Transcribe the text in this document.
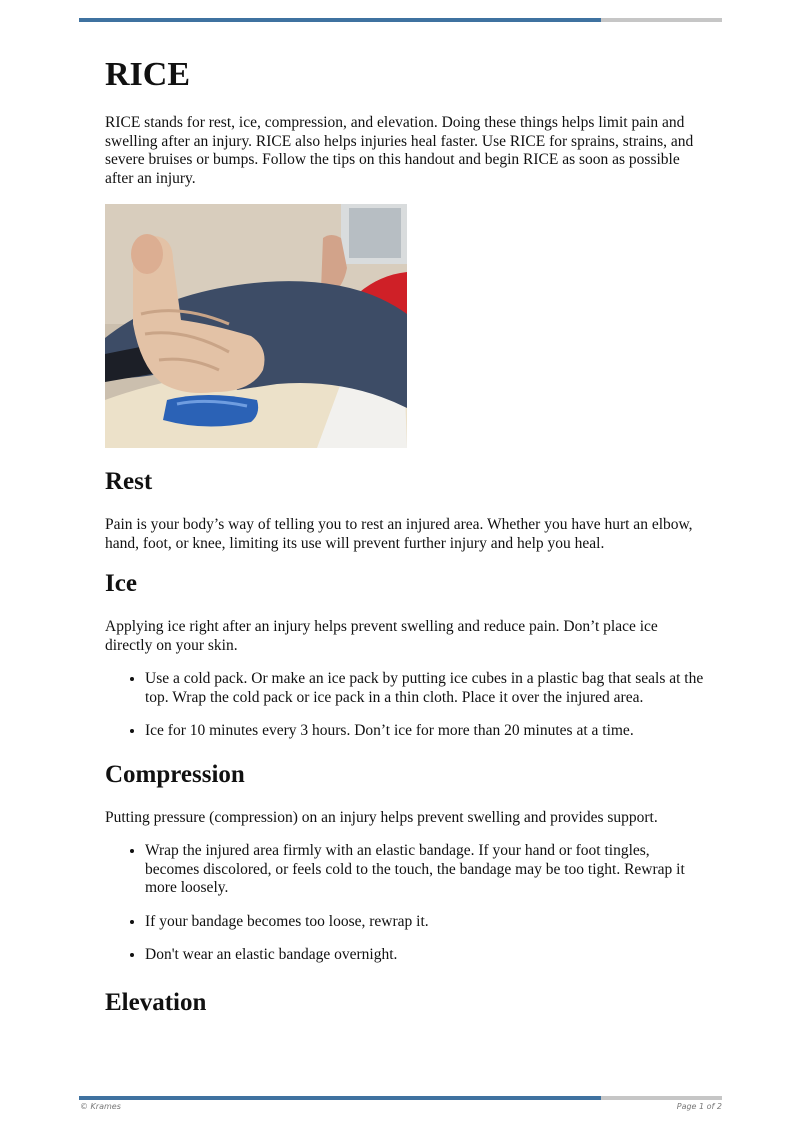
RICE

RICE stands for rest, ice, compression, and elevation. Doing these things helps limit pain and swelling after an injury. RICE also helps injuries heal faster. Use RICE for sprains, strains, and severe bruises or bumps. Follow the tips on this handout and begin RICE as soon as possible after an injury.

Rest

Pain is your body’s way of telling you to rest an injured area. Whether you have hurt an elbow, hand, foot, or knee, limiting its use will prevent further injury and help you heal.

Ice

Applying ice right after an injury helps prevent swelling and reduce pain. Don’t place ice directly on your skin.

• Use a cold pack. Or make an ice pack by putting ice cubes in a plastic bag that seals at the top. Wrap the cold pack or ice pack in a thin cloth. Place it over the injured area.
• Ice for 10 minutes every 3 hours. Don’t ice for more than 20 minutes at a time.
Compression

Putting pressure (compression) on an injury helps prevent swelling and provides support.

• Wrap the injured area firmly with an elastic bandage. If your hand or foot tingles, becomes discolored, or feels cold to the touch, the bandage may be too tight. Rewrap it more loosely.
• If your bandage becomes too loose, rewrap it.
• Don't wear an elastic bandage overnight.
Elevation
© Krames	Page 1 of 2
